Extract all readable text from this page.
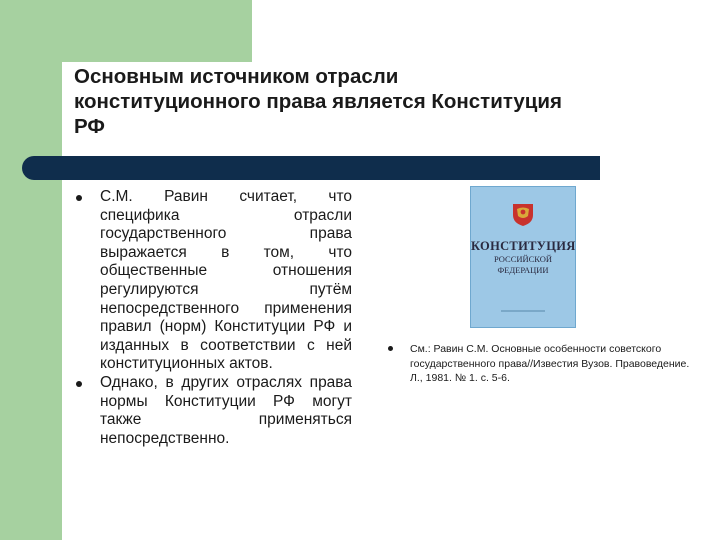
Основным источником отрасли
конституционного права является Конституция
РФ
С.М. Равин считает, что специфика отрасли государственного права выражается в том, что общественные отношения регулируются путём непосредственного применения правил (норм) Конституции РФ и изданных в соответствии с ней конституционных актов.
Однако, в других отраслях права нормы Конституции РФ могут также применяться непосредственно.
КОНСТИТУЦИЯ
РОССИЙСКОЙ
ФЕДЕРАЦИИ
См.: Равин С.М. Основные особенности советского государственного права//Известия Вузов. Правоведение. Л., 1981. № 1. с. 5-6.
